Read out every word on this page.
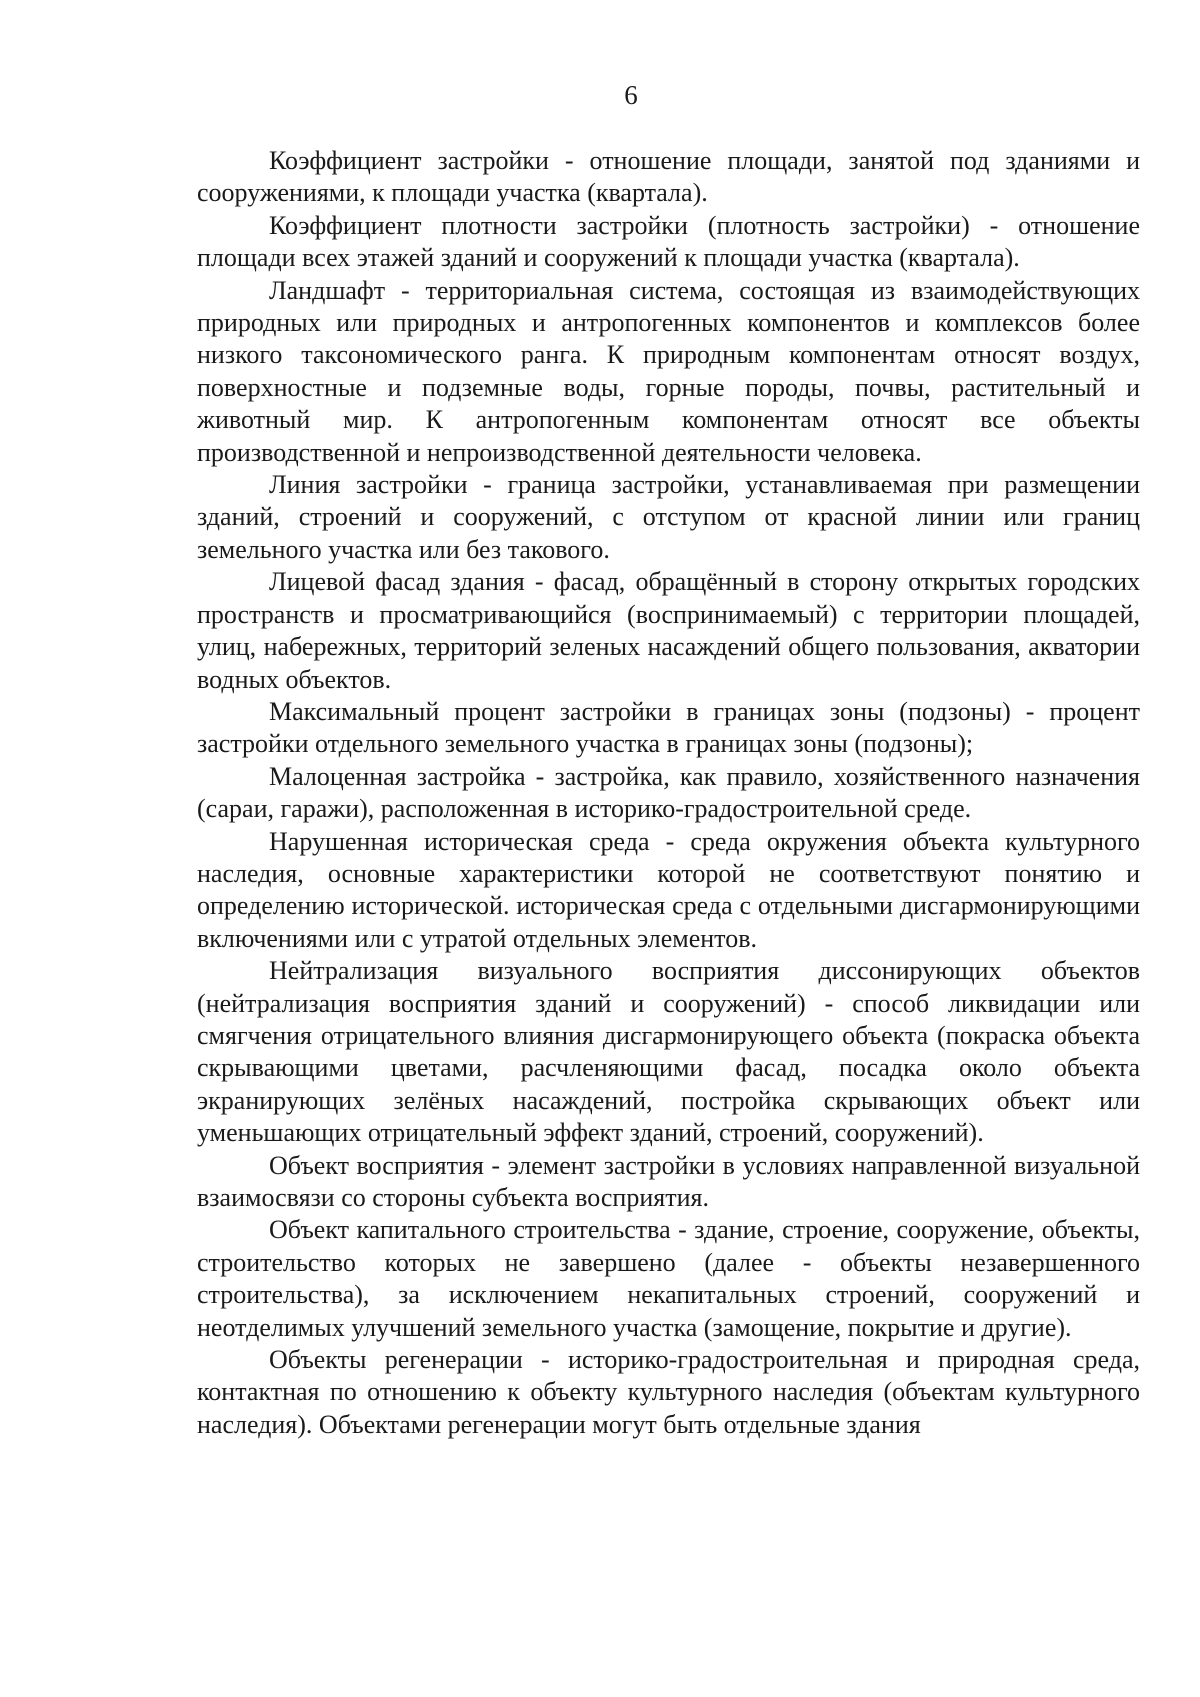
6

Коэффициент застройки - отношение площади, занятой под зданиями и сооружениями, к площади участка (квартала).

Коэффициент плотности застройки (плотность застройки) - отношение площади всех этажей зданий и сооружений к площади участка (квартала).

Ландшафт - территориальная система, состоящая из взаимодействующих природных или природных и антропогенных компонентов и комплексов более низкого таксономического ранга. К природным компонентам относят воздух, поверхностные и подземные воды, горные породы, почвы, растительный и животный мир. К антропогенным компонентам относят все объекты производственной и непроизводственной деятельности человека.

Линия застройки - граница застройки, устанавливаемая при размещении зданий, строений и сооружений, с отступом от красной линии или границ земельного участка или без такового.

Лицевой фасад здания - фасад, обращённый в сторону открытых городских пространств и просматривающийся (воспринимаемый) с территории площадей, улиц, набережных, территорий зеленых насаждений общего пользования, акватории водных объектов.

Максимальный процент застройки в границах зоны (подзоны) - процент застройки отдельного земельного участка в границах зоны (подзоны);

Малоценная застройка - застройка, как правило, хозяйственного назначения (сараи, гаражи), расположенная в историко-градостроительной среде.

Нарушенная историческая среда - среда окружения объекта культурного наследия, основные характеристики которой не соответствуют понятию и определению исторической. историческая среда с отдельными дисгармонирующими включениями или с утратой отдельных элементов.

Нейтрализация визуального восприятия диссонирующих объектов (нейтрализация восприятия зданий и сооружений) - способ ликвидации или смягчения отрицательного влияния дисгармонирующего объекта (покраска объекта скрывающими цветами, расчленяющими фасад, посадка около объекта экранирующих зелёных насаждений, постройка скрывающих объект или уменьшающих отрицательный эффект зданий, строений, сооружений).

Объект восприятия - элемент застройки в условиях направленной визуальной взаимосвязи со стороны субъекта восприятия.

Объект капитального строительства - здание, строение, сооружение, объекты, строительство которых не завершено (далее - объекты незавершенного строительства), за исключением некапитальных строений, сооружений и неотделимых улучшений земельного участка (замощение, покрытие и другие).

Объекты регенерации - историко-градостроительная и природная среда, контактная по отношению к объекту культурного наследия (объектам культурного наследия). Объектами регенерации могут быть отдельные здания
